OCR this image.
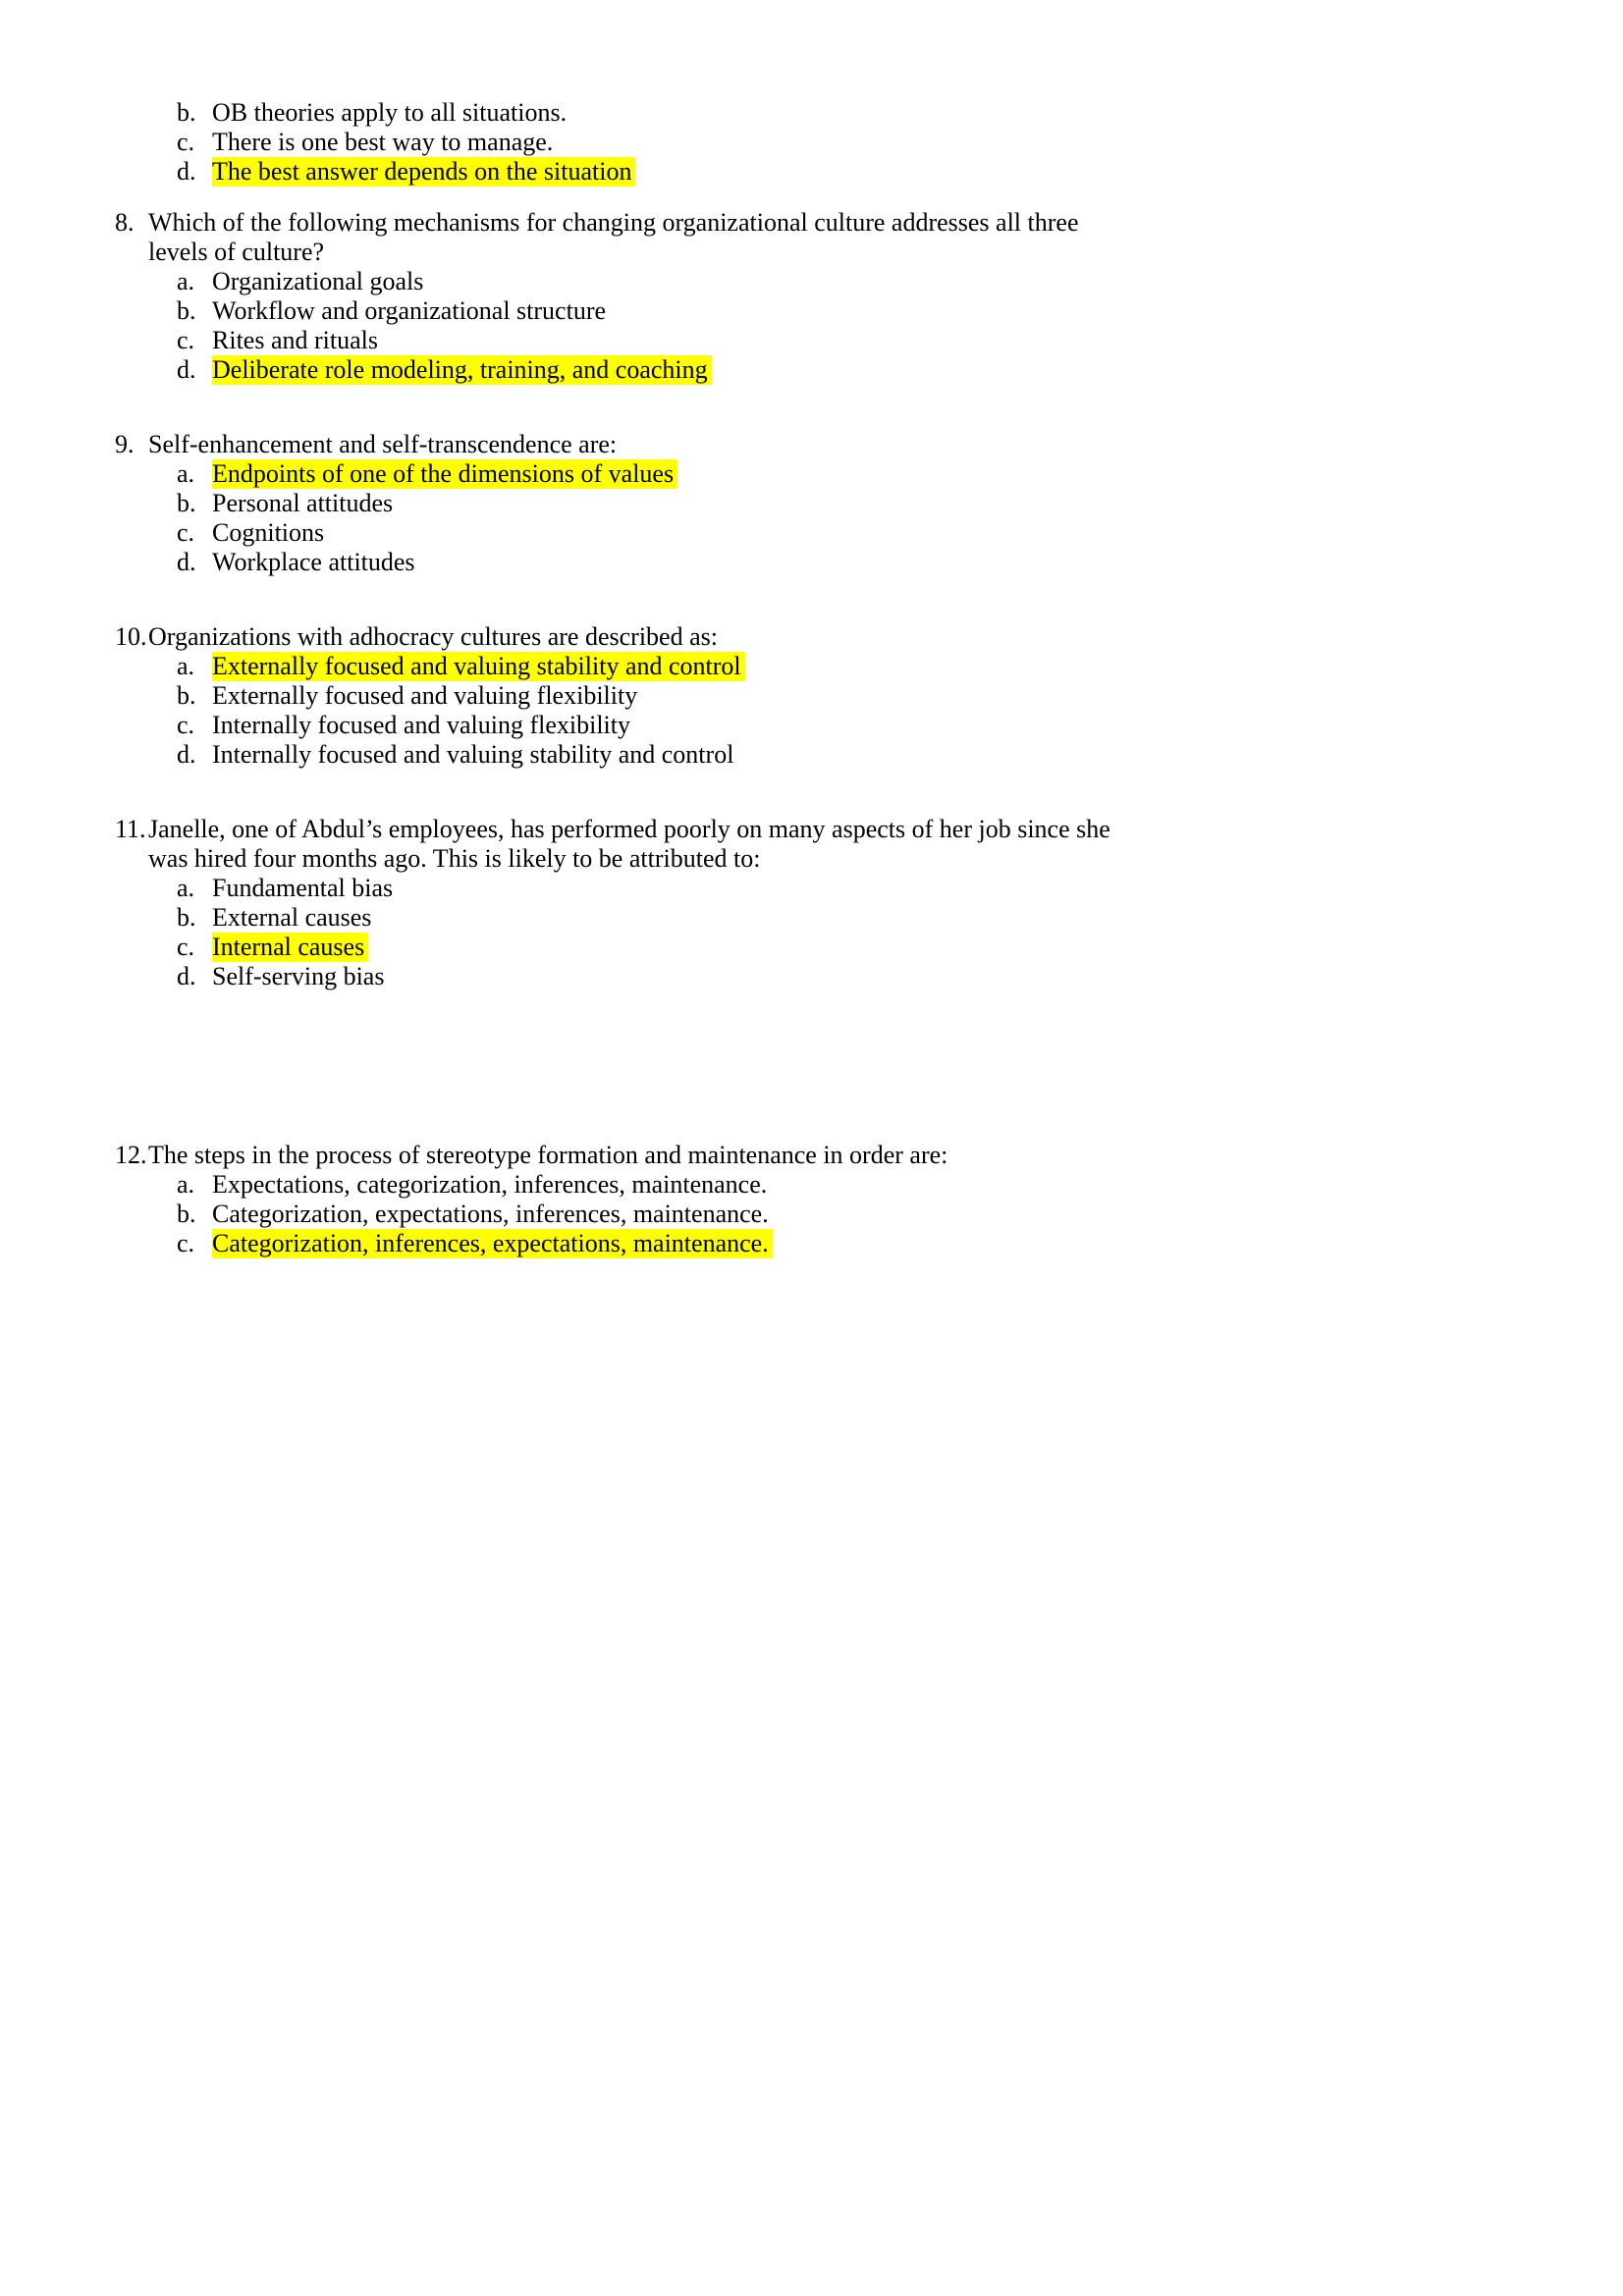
b. OB theories apply to all situations.
c. There is one best way to manage.
d. The best answer depends on the situation
8. Which of the following mechanisms for changing organizational culture addresses all three
levels of culture?
a. Organizational goals
b. Workflow and organizational structure
c. Rites and rituals
d. Deliberate role modeling, training, and coaching
9. Self-enhancement and self-transcendence are:
a. Endpoints of one of the dimensions of values
b. Personal attitudes
c. Cognitions
d. Workplace attitudes
10. Organizations with adhocracy cultures are described as:
a. Externally focused and valuing stability and control
b. Externally focused and valuing flexibility
c. Internally focused and valuing flexibility
d. Internally focused and valuing stability and control
11. Janelle, one of Abdul’s employees, has performed poorly on many aspects of her job since she
was hired four months ago. This is likely to be attributed to:
a. Fundamental bias
b. External causes
c. Internal causes
d. Self-serving bias
12. The steps in the process of stereotype formation and maintenance in order are:
a. Expectations, categorization, inferences, maintenance.
b. Categorization, expectations, inferences, maintenance.
c. Categorization, inferences, expectations, maintenance.
